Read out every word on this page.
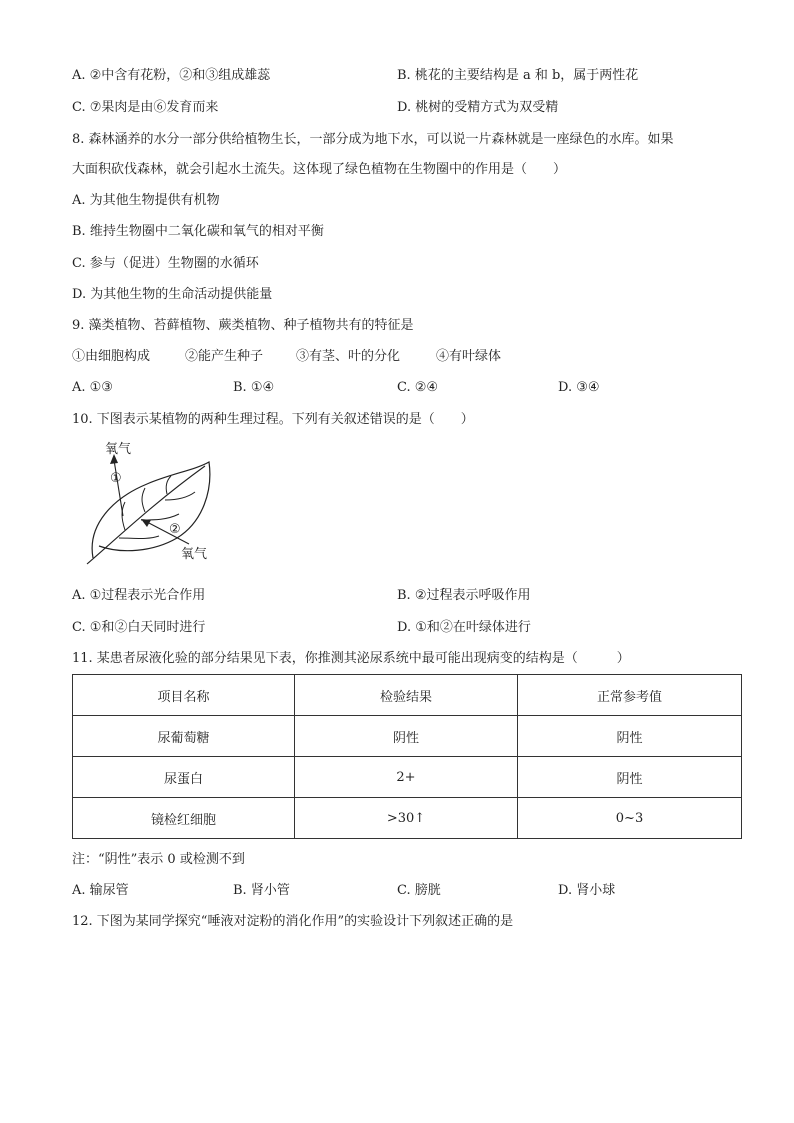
A. ②中含有花粉，②和③组成雄蕊	B. 桃花的主要结构是 a 和 b，属于两性花
C. ⑦果肉是由⑥发育而来	D. 桃树的受精方式为双受精
8. 森林涵养的水分一部分供给植物生长，一部分成为地下水，可以说一片森林就是一座绿色的水库。如果
大面积砍伐森林，就会引起水土流失。这体现了绿色植物在生物圈中的作用是（　　）
A. 为其他生物提供有机物
B. 维持生物圈中二氧化碳和氧气的相对平衡
C. 参与（促进）生物圈的水循环
D. 为其他生物的生命活动提供能量
9. 藻类植物、苔藓植物、蕨类植物、种子植物共有的特征是
①由细胞构成	②能产生种子	③有茎、叶的分化	④有叶绿体
A. ①③	B. ①④	C. ②④	D. ③④
10. 下图表示某植物的两种生理过程。下列有关叙述错误的是（　　）
氧气
①
②
氧气
A. ①过程表示光合作用	B. ②过程表示呼吸作用
C. ①和②白天同时进行	D. ①和②在叶绿体进行
11. 某患者尿液化验的部分结果见下表，你推测其泌尿系统中最可能出现病变的结构是（　　　）
项目名称	检验结果	正常参考值
尿葡萄糖	阴性	阴性
尿蛋白	2+	阴性
镜检红细胞	>30↑	0~3
注：“阴性”表示 0 或检测不到
A. 输尿管	B. 肾小管	C. 膀胱	D. 肾小球
12. 下图为某同学探究“唾液对淀粉的消化作用”的实验设计下列叙述正确的是
